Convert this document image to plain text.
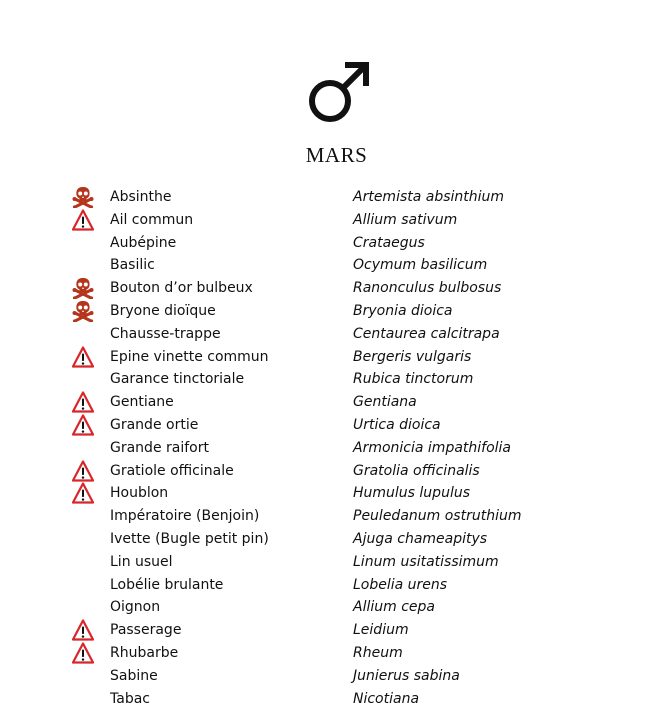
MARS
Absinthe	Artemista absinthium
Ail commun	Allium sativum
Aubépine	Crataegus
Basilic	Ocymum basilicum
Bouton d’or bulbeux	Ranonculus bulbosus
Bryone dioïque	Bryonia dioica
Chausse-trappe	Centaurea calcitrapa
Epine vinette commun	Bergeris vulgaris
Garance tinctoriale	Rubica tinctorum
Gentiane	Gentiana
Grande ortie	Urtica dioica
Grande raifort	Armonicia impathifolia
Gratiole officinale	Gratolia officinalis
Houblon	Humulus lupulus
Impératoire (Benjoin)	Peuledanum ostruthium
Ivette (Bugle petit pin)	Ajuga chameapitys
Lin usuel	Linum usitatissimum
Lobélie brulante	Lobelia urens
Oignon	Allium cepa
Passerage	Leidium
Rhubarbe	Rheum
Sabine	Junierus sabina
Tabac	Nicotiana
